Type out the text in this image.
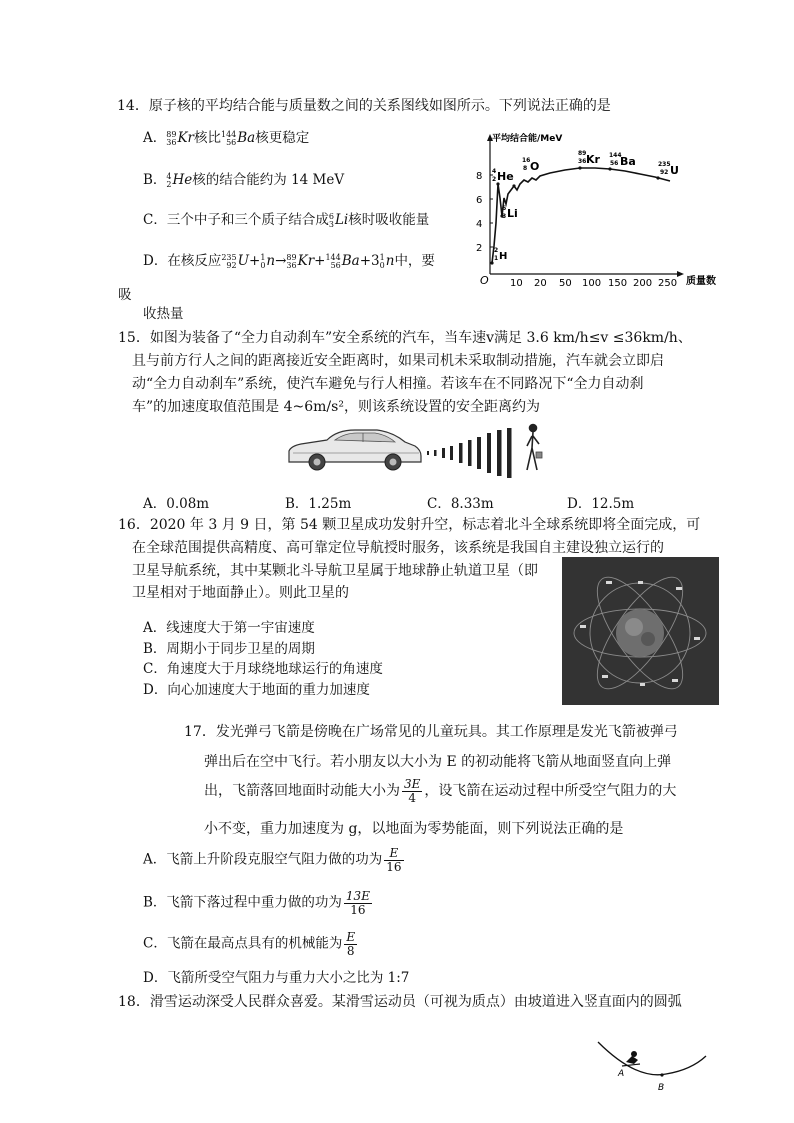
14．原子核的平均结合能与质量数之间的关系图线如图所示。下列说法正确的是
A． 89
36 Kr核比 144
56 Ba核更稳定
B． 4
2 He核的结合能约为 14 MeV
C．三个中子和三个质子结合成 6
3 Li核时吸收能量
D．在核反应 235
92 U+ 1
0 n→ 89
36 Kr+ 144
56 Ba+3 1
0 n中，要
吸
收热量
平均结合能/MeV
质量数
O
2
4
6
8
10 20 50 100 150 200 250
2
1 H
6
3 Li
4
2 He
16
8 O
89
36 Kr 144
56 Ba	235
92 U
15．如图为装备了“全力自动刹车”安全系统的汽车，当车速v满足 3.6 km/h≤v ≤36km/h、
且与前方行人之间的距离接近安全距离时，如果司机未采取制动措施，汽车就会立即启
动“全力自动刹车”系统，使汽车避免与行人相撞。若该车在不同路况下“全力自动刹
车”的加速度取值范围是 4~6m/s²，则该系统设置的安全距离约为
A．0.08m	B．1.25m	C．8.33m	D．12.5m
16．2020 年 3 月 9 日，第 54 颗卫星成功发射升空，标志着北斗全球系统即将全面完成，可
在全球范围提供高精度、高可靠定位导航授时服务，该系统是我国自主建设独立运行的
卫星导航系统，其中某颗北斗导航卫星属于地球静止轨道卫星（即
卫星相对于地面静止）。则此卫星的
A．线速度大于第一宇宙速度
B．周期小于同步卫星的周期
C．角速度大于月球绕地球运行的角速度
D．向心加速度大于地面的重力加速度
17．发光弹弓飞箭是傍晚在广场常见的儿童玩具。其工作原理是发光飞箭被弹弓
弹出后在空中飞行。若小朋友以大小为 E 的初动能将飞箭从地面竖直向上弹
出，飞箭落回地面时动能大小为 $\frac{3E}{4}$ ，设飞箭在运动过程中所受空气阻力的大
小不变，重力加速度为 g，以地面为零势能面，则下列说法正确的是
A．飞箭上升阶段克服空气阻力做的功为 $\frac{E}{16}$
B．飞箭下落过程中重力做的功为 $\frac{13E}{16}$
C．飞箭在最高点具有的机械能为 $\frac{E}{8}$
D．飞箭所受空气阻力与重力大小之比为 1:7
18．滑雪运动深受人民群众喜爱。某滑雪运动员（可视为质点）由坡道进入竖直面内的圆弧
A
B
